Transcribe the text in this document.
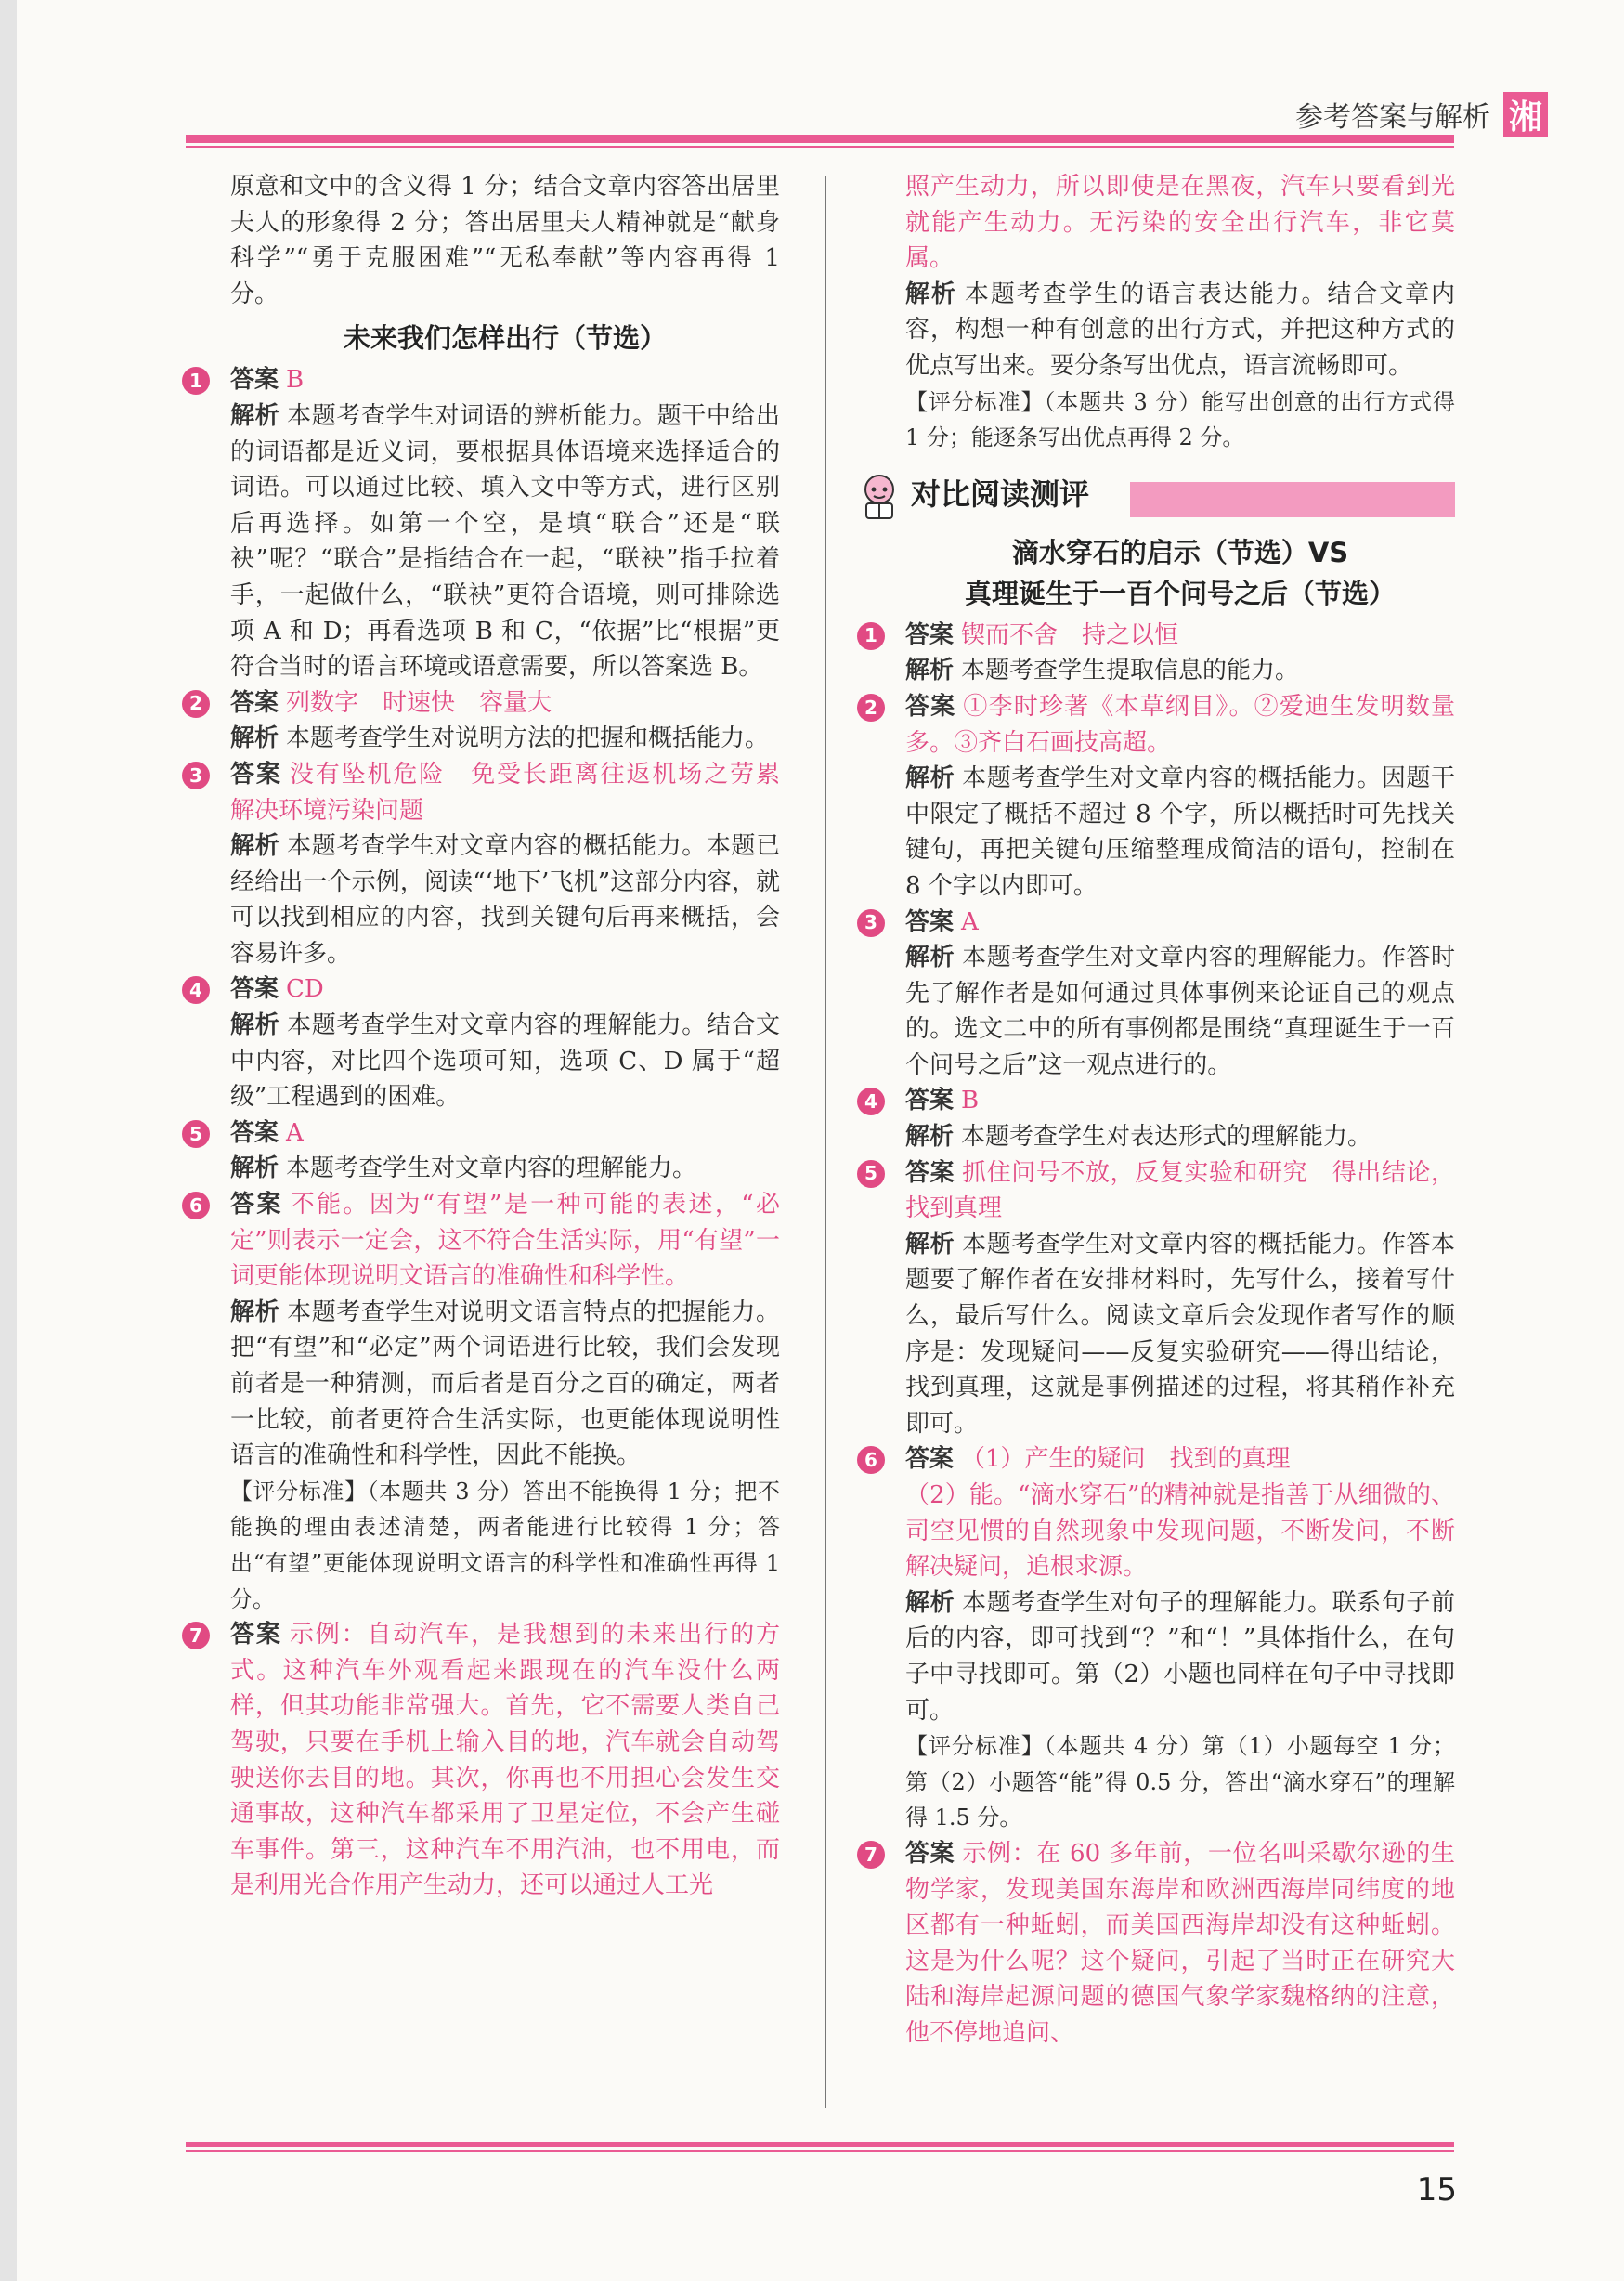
参考答案与解析 湘

原意和文中的含义得 1 分；结合文章内容答出居里夫人的形象得 2 分；答出居里夫人精神就是“献身科学”“勇于克服困难”“无私奉献”等内容再得 1 分。

未来我们怎样出行（节选）
1	答案 B

解析 本题考查学生对词语的辨析能力。题干中给出的词语都是近义词，要根据具体语境来选择适合的词语。可以通过比较、填入文中等方式，进行区别后再选择。如第一个空，是填“联合”还是“联袂”呢？“联合”是指结合在一起，“联袂”指手拉着手，一起做什么，“联袂”更符合语境，则可排除选项 A 和 D；再看选项 B 和 C，“依据”比“根据”更符合当时的语言环境或语意需要，所以答案选 B。

2	答案 列数字　时速快　容量大

解析 本题考查学生对说明方法的把握和概括能力。

3	答案 没有坠机危险　免受长距离往返机场之劳累　解决环境污染问题

解析 本题考查学生对文章内容的概括能力。本题已经给出一个示例，阅读“‘地下’飞机”这部分内容，就可以找到相应的内容，找到关键句后再来概括，会容易许多。

4	答案 CD

解析 本题考查学生对文章内容的理解能力。结合文中内容，对比四个选项可知，选项 C、D 属于“超级”工程遇到的困难。

5	答案 A

解析 本题考查学生对文章内容的理解能力。

6	答案 不能。因为“有望”是一种可能的表述，“必定”则表示一定会，这不符合生活实际，用“有望”一词更能体现说明文语言的准确性和科学性。

解析 本题考查学生对说明文语言特点的把握能力。把“有望”和“必定”两个词语进行比较，我们会发现前者是一种猜测，而后者是百分之百的确定，两者一比较，前者更符合生活实际，也更能体现说明性语言的准确性和科学性，因此不能换。

【评分标准】（本题共 3 分）答出不能换得 1 分；把不能换的理由表述清楚，两者能进行比较得 1 分；答出“有望”更能体现说明文语言的科学性和准确性再得 1 分。

7	答案 示例：自动汽车，是我想到的未来出行的方式。这种汽车外观看起来跟现在的汽车没什么两样，但其功能非常强大。首先，它不需要人类自己驾驶，只要在手机上输入目的地，汽车就会自动驾驶送你去目的地。其次，你再也不用担心会发生交通事故，这种汽车都采用了卫星定位，不会产生碰车事件。第三，这种汽车不用汽油，也不用电，而是利用光合作用产生动力，还可以通过人工光

照产生动力，所以即使是在黑夜，汽车只要看到光就能产生动力。无污染的安全出行汽车，非它莫属。

解析 本题考查学生的语言表达能力。结合文章内容，构想一种有创意的出行方式，并把这种方式的优点写出来。要分条写出优点，语言流畅即可。

【评分标准】（本题共 3 分）能写出创意的出行方式得 1 分；能逐条写出优点再得 2 分。

对比阅读测评
滴水穿石的启示（节选）VS
真理诞生于一百个问号之后（节选）
1	答案 锲而不舍　持之以恒

解析 本题考查学生提取信息的能力。

2	答案 ①李时珍著《本草纲目》。②爱迪生发明数量多。③齐白石画技高超。

解析 本题考查学生对文章内容的概括能力。因题干中限定了概括不超过 8 个字，所以概括时可先找关键句，再把关键句压缩整理成简洁的语句，控制在 8 个字以内即可。

3	答案 A

解析 本题考查学生对文章内容的理解能力。作答时先了解作者是如何通过具体事例来论证自己的观点的。选文二中的所有事例都是围绕“真理诞生于一百个问号之后”这一观点进行的。

4	答案 B

解析 本题考查学生对表达形式的理解能力。

5	答案 抓住问号不放，反复实验和研究　得出结论，找到真理

解析 本题考查学生对文章内容的概括能力。作答本题要了解作者在安排材料时，先写什么，接着写什么，最后写什么。阅读文章后会发现作者写作的顺序是：发现疑问——反复实验研究——得出结论，找到真理，这就是事例描述的过程，将其稍作补充即可。

6	答案 （1）产生的疑问　找到的真理

（2）能。“滴水穿石”的精神就是指善于从细微的、司空见惯的自然现象中发现问题，不断发问，不断解决疑问，追根求源。

解析 本题考查学生对句子的理解能力。联系句子前后的内容，即可找到“？”和“！”具体指什么，在句子中寻找即可。第（2）小题也同样在句子中寻找即可。

【评分标准】（本题共 4 分）第（1）小题每空 1 分；第（2）小题答“能”得 0.5 分，答出“滴水穿石”的理解得 1.5 分。

7	答案 示例：在 60 多年前，一位名叫采歇尔逊的生物学家，发现美国东海岸和欧洲西海岸同纬度的地区都有一种蚯蚓，而美国西海岸却没有这种蚯蚓。这是为什么呢？这个疑问，引起了当时正在研究大陆和海岸起源问题的德国气象学家魏格纳的注意，他不停地追问、

15
